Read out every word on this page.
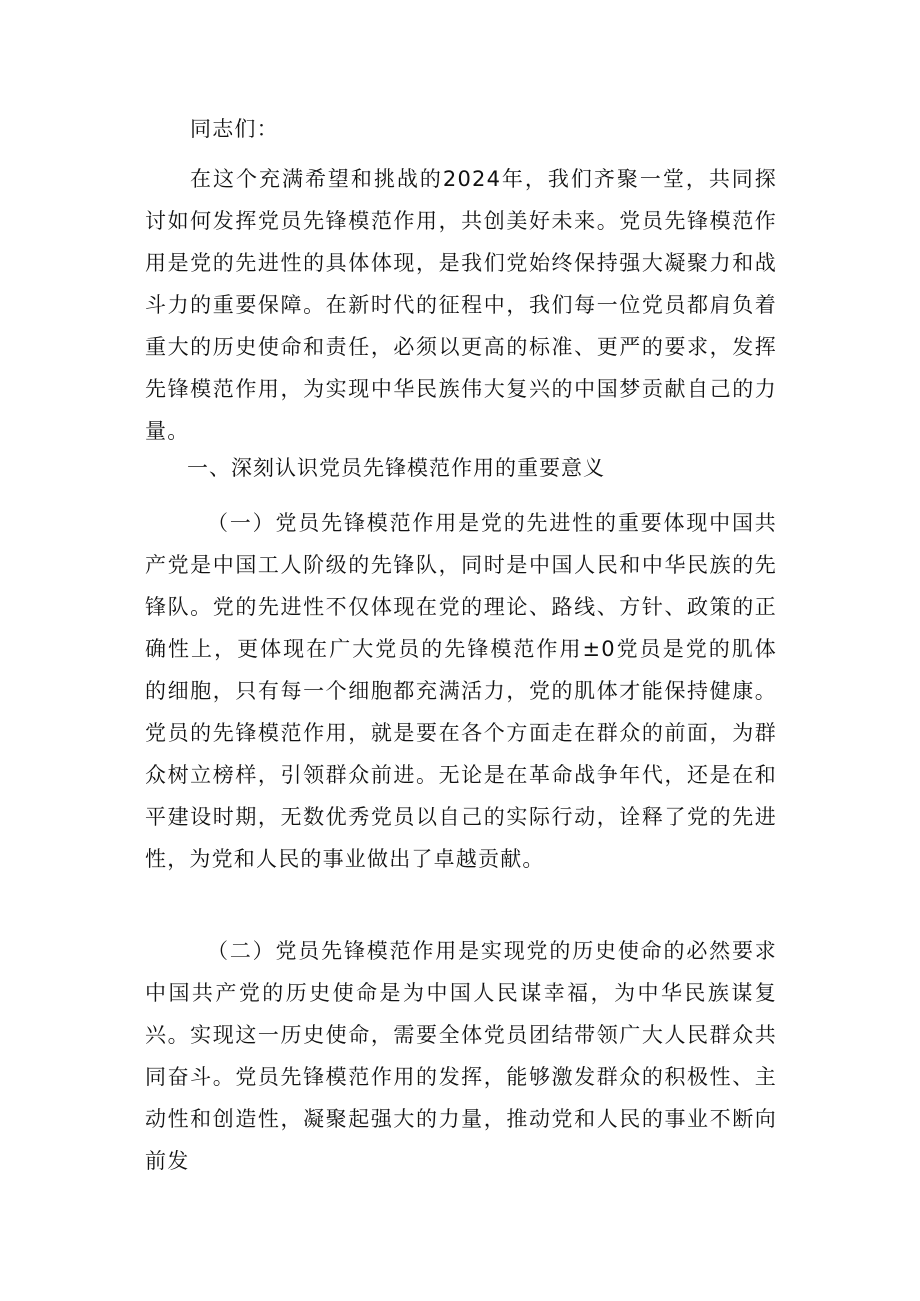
同志们：
在这个充满希望和挑战的2024年，我们齐聚一堂，共同探讨如何发挥党员先锋模范作用，共创美好未来。党员先锋模范作用是党的先进性的具体体现，是我们党始终保持强大凝聚力和战斗力的重要保障。在新时代的征程中，我们每一位党员都肩负着重大的历史使命和责任，必须以更高的标准、更严的要求，发挥先锋模范作用，为实现中华民族伟大复兴的中国梦贡献自己的力量。
一、深刻认识党员先锋模范作用的重要意义
（一）党员先锋模范作用是党的先进性的重要体现中国共产党是中国工人阶级的先锋队，同时是中国人民和中华民族的先锋队。党的先进性不仅体现在党的理论、路线、方针、政策的正确性上，更体现在广大党员的先锋模范作用±0党员是党的肌体的细胞，只有每一个细胞都充满活力，党的肌体才能保持健康。党员的先锋模范作用，就是要在各个方面走在群众的前面，为群众树立榜样，引领群众前进。无论是在革命战争年代，还是在和平建设时期，无数优秀党员以自己的实际行动，诠释了党的先进性，为党和人民的事业做出了卓越贡献。
（二）党员先锋模范作用是实现党的历史使命的必然要求中国共产党的历史使命是为中国人民谋幸福，为中华民族谋复兴。实现这一历史使命，需要全体党员团结带领广大人民群众共同奋斗。党员先锋模范作用的发挥，能够激发群众的积极性、主动性和创造性，凝聚起强大的力量，推动党和人民的事业不断向前发
